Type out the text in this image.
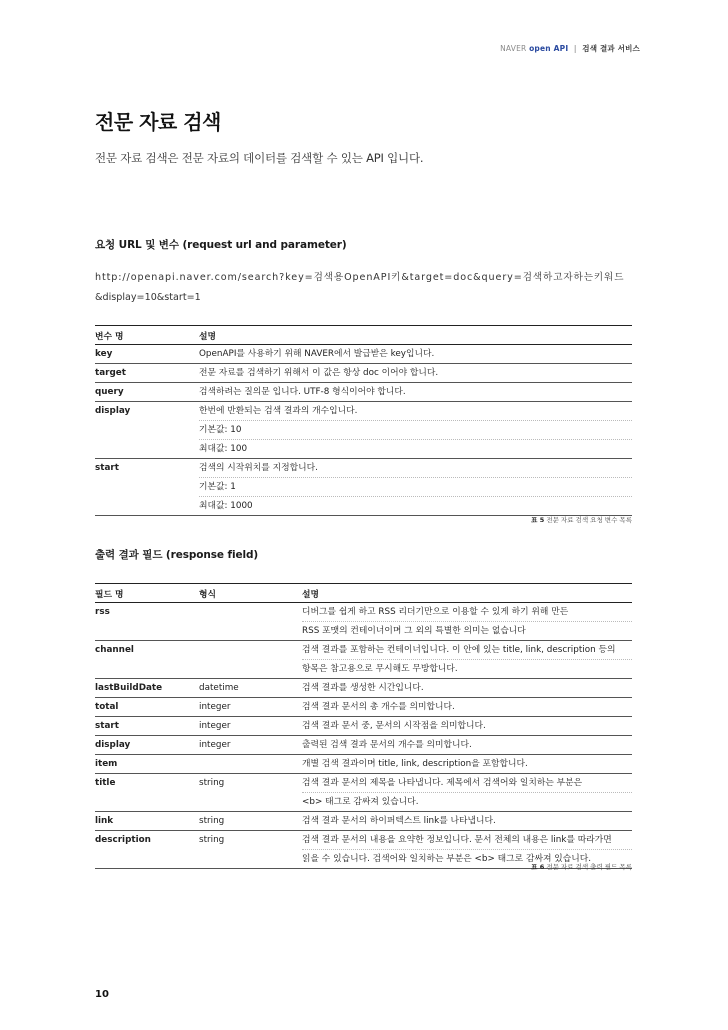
NAVER open API | 검색 결과 서비스
전문 자료 검색

전문 자료 검색은 전문 자료의 데이터를 검색할 수 있는 API 입니다.

요청 URL 및 변수 (request url and parameter)
http://openapi.naver.com/search?key=검색용OpenAPI키&target=doc&query=검색하고자하는키워드
&display=10&start=1
변수 명	설명
key	OpenAPI를 사용하기 위해 NAVER에서 발급받은 key입니다.

target	전문 자료를 검색하기 위해서 이 값은 항상 doc 이어야 합니다.

query	검색하려는 질의문 입니다. UTF-8 형식이어야 합니다.

display	한번에 반환되는 검색 결과의 개수입니다.
기본값: 10
최대값: 100

start	검색의 시작위치를 지정합니다.
기본값: 1
최대값: 1000
표 5 전문 자료 검색 요청 변수 목록
출력 결과 필드 (response field)
필드 명	형식	설명
rss		디버그를 쉽게 하고 RSS 리더기만으로 이용할 수 있게 하기 위해 만든
RSS 포맷의 컨테이너이며 그 외의 특별한 의미는 없습니다

channel		검색 결과를 포함하는 컨테이너입니다. 이 안에 있는 title, link, description 등의
항목은 참고용으로 무시해도 무방합니다.

lastBuildDate	datetime	검색 결과를 생성한 시간입니다.

total	integer	검색 결과 문서의 총 개수를 의미합니다.

start	integer	검색 결과 문서 중, 문서의 시작점을 의미합니다.

display	integer	출력된 검색 결과 문서의 개수를 의미합니다.

item		개별 검색 결과이며 title, link, description을 포함합니다.

title	string	검색 결과 문서의 제목을 나타냅니다. 제목에서 검색어와 일치하는 부분은
<b> 태그로 감싸져 있습니다.

link	string	검색 결과 문서의 하이퍼텍스트 link를 나타냅니다.

description	string	검색 결과 문서의 내용을 요약한 정보입니다. 문서 전체의 내용은 link를 따라가면
읽을 수 있습니다. 검색어와 일치하는 부분은 <b> 태그로 감싸져 있습니다.
표 6 전문 자료 검색 출력 필드 목록
10
